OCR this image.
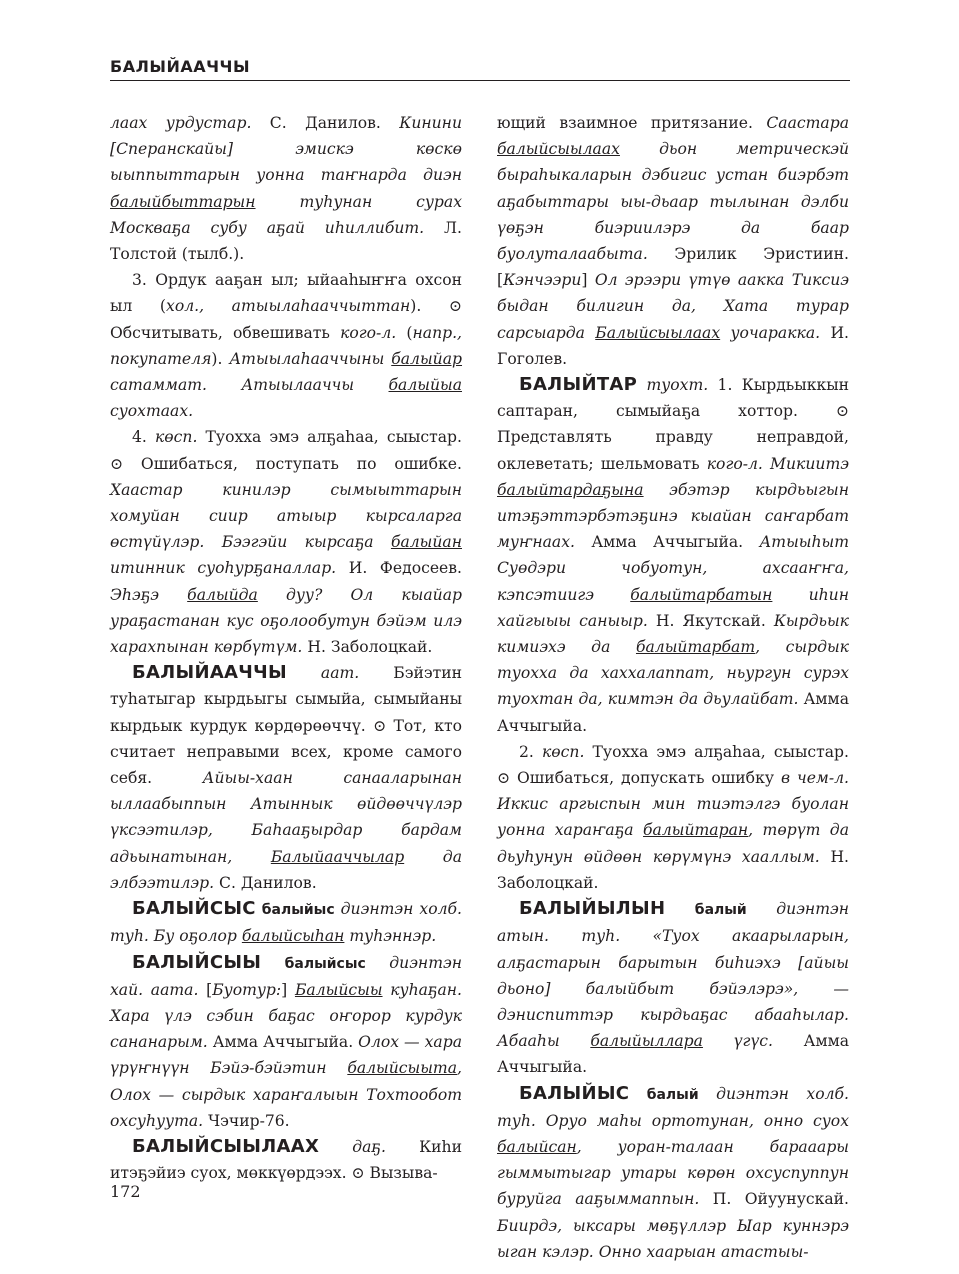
БАЛЫЙААЧЧЫ

лаах урдустар. С. Данилов. Кинини [Сперанскайы] эмискэ көскө ыыппыттарын уонна таҥнарда диэн балыйбыттарын туһунан сурах Москваҕа субу аҕай иһиллибит. Л. Толстой (тылб.).

3. Ордук ааҕан ыл; ыйааһыҥҥа охсон ыл (хол., атыылаһааччыттан). ⊙ Обсчитывать, обвешивать кого-л. (напр., покупателя). Атыылаһааччыны балыйар сатаммат. Атыылааччы балыйыа суохтаах.

4. көсп. Туохха эмэ алҕаһаа, сыыстар. ⊙ Ошибаться, поступать по ошибке. Хаастар кинилэр сымыыттарын хомуйан сиир атыыр кырсаларга өстүйүлэр. Бээгэйи кырсаҕа балыйан итинник суоһурҕаналлар. И. Федосеев. Эһэҕэ балыйда дуу? Ол кыайар ураҕастанан кус оҕолообутун бэйэм илэ харахпынан көрбүтүм. Н. Заболоцкай.

БАЛЫЙААЧЧЫ аат. Бэйэтин туһатыгар кырдьыгы сымыйа, сымыйаны кырдьык курдук көрдөрөөччү. ⊙ Тот, кто считает неправыми всех, кроме самого себя. Айыы-хаан санааларынан ыллаабыппын Атыннык өйдөөччүлэр үксээтилэр, Баһааҕырдар бардам адьынатынан, Балыйааччылар да элбээтилэр. С. Данилов.

БАЛЫЙСЫС балыйыс диэнтэн холб. туһ. Бу оҕолор балыйсыһан туһэннэр.

БАЛЫЙСЫЫ балыйсыс диэнтэн хай. аата. [Буотур:] Балыйсыы куһаҕан. Хара үлэ сэбин баҕас оҥорор курдук сананарым. Амма Аччыгыйа. Олох — хара үрүҥнүүн Бэйэ-бэйэтин балыйсыыта, Олох — сырдык хараҥалыын Тохтообот охсуһуута. Чэчир-76.

БАЛЫЙСЫЫЛААХ даҕ. Киһи итэҕэйиэ суох, мөккүөрдээх. ⊙ Вызыва-

ющий взаимное притязание. Саастара балыйсыылаах дьон метрическэй быраһыкаларын дэбигис устан биэрбэт аҕабыттары ыы-дьаар тылынан дэлби үөҕэн биэриилэрэ да баар буолуталаабыта. Эрилик Эристиин. [Кэнчээри] Ол эрээри үтүө аакка Тиксиэ быдан билигин да, Хата турар сарсыарда Балыйсыылаах уочаракка. И. Гоголев.

БАЛЫЙТАР туохт. 1. Кырдьыккын саптаран, сымыйаҕа хоттор. ⊙ Представлять правду неправдой, оклеветать; шельмовать кого-л. Микиитэ балыйтардаҕына эбэтэр кырдьыгын итэҕэттэрбэтэҕинэ кыайан саҥарбат муҥнаах. Амма Аччыгыйа. Атыыһыт Суөдэри чобуотун, ахсааҥҥа, кэпсэтиигэ балыйтарбатын иһин хайгыыы саныыр. Н. Якутскай. Кырдьык кимиэхэ да балыйтарбат, сырдык туохха да хаххалаппат, ньургун сурэх туохтан да, кимтэн да дьулайбат. Амма Аччыгыйа.

2. көсп. Туохха эмэ алҕаһаа, сыыстар. ⊙ Ошибаться, допускать ошибку в чем-л. Иккис аргыспын мин тиэтэлгэ буолан уонна хараҥаҕа балыйтаран, төрүт да дьуһунун өйдөөн көрүмүнэ хааллым. Н. Заболоцкай.

БАЛЫЙЫЛЫН балый диэнтэн атын. туһ. «Туох акаарыларын, алҕастарын барытын биһиэхэ [айыы дьоно] балыйбыт бэйэлэрэ», — дэниспиттэр кырдьаҕас абааһылар. Абааһы балыйыллара үгүс. Амма Аччыгыйа.

БАЛЫЙЫС балый диэнтэн холб. туһ. Оруо маһы ортотунан, онно суох балыйсан, уоран-талаан барааары гыммытыгар утары көрөн охсуспуппун буруйга ааҕыммаппын. П. Ойуунускай. Биирдэ, ыксары мөҕүллэр Ыар куннэрэ ыган кэлэр. Онно хаарыан атастыы-

172
